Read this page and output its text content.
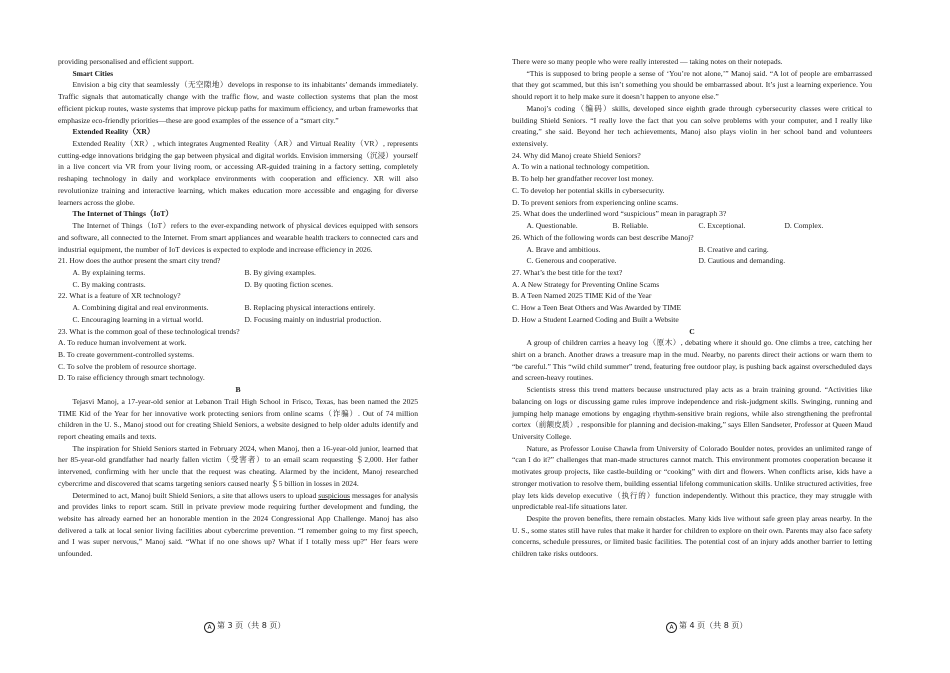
providing personalised and efficient support.

Smart Cities

Envision a big city that seamlessly（无空隙地）develops in response to its inhabitants’ demands immediately. Traffic signals that automatically change with the traffic flow, and waste collection systems that plan the most efficient pickup routes, waste systems that improve pickup paths for maximum efficiency, and urban frameworks that emphasize eco-friendly priorities—these are good examples of the essence of a “smart city.”

Extended Reality（XR）

Extended Reality（XR）, which integrates Augmented Reality（AR）and Virtual Reality（VR）, represents cutting-edge innovations bridging the gap between physical and digital worlds. Envision immersing（沉浸）yourself in a live concert via VR from your living room, or accessing AR-guided training in a factory setting, completely reshaping technology in daily and workplace environments with cooperation and efficiency. XR will also revolutionize training and interactive learning, which makes education more accessible and engaging for diverse learners across the globe.

The Internet of Things（IoT）

The Internet of Things（IoT）refers to the ever-expanding network of physical devices equipped with sensors and software, all connected to the Internet. From smart appliances and wearable health trackers to connected cars and industrial equipment, the number of IoT devices is expected to explode and increase efficiency in 2026.

21. How does the author present the smart city trend?

A. By explaining terms.	B. By giving examples.
C. By making contrasts.	D. By quoting fiction scenes.

22. What is a feature of XR technology?

A. Combining digital and real environments.	B. Replacing physical interactions entirely.
C. Encouraging learning in a virtual world.	D. Focusing mainly on industrial production.

23. What is the common goal of these technological trends?

A. To reduce human involvement at work.

B. To create government-controlled systems.

C. To solve the problem of resource shortage.

D. To raise efficiency through smart technology.

B

Tejasvi Manoj, a 17-year-old senior at Lebanon Trail High School in Frisco, Texas, has been named the 2025 TIME Kid of the Year for her innovative work protecting seniors from online scams（诈骗）. Out of 74 million children in the U. S., Manoj stood out for creating Shield Seniors, a website designed to help older adults identify and report cheating emails and texts.

The inspiration for Shield Seniors started in February 2024, when Manoj, then a 16-year-old junior, learned that her 85-year-old grandfather had nearly fallen victim（受害者）to an email scam requesting ＄2,000. Her father intervened, confirming with her uncle that the request was cheating. Alarmed by the incident, Manoj researched cybercrime and discovered that scams targeting seniors caused nearly ＄5 billion in losses in 2024.

Determined to act, Manoj built Shield Seniors, a site that allows users to upload suspicious messages for analysis and provides links to report scam. Still in private preview mode requiring further development and funding, the website has already earned her an honorable mention in the 2024 Congressional App Challenge. Manoj has also delivered a talk at local senior living facilities about cybercrime prevention. “I remember going to my first speech, and I was super nervous,” Manoj said. “What if no one shows up? What if I totally mess up?” Her fears were unfounded.

There were so many people who were really interested — taking notes on their notepads.

“This is supposed to bring people a sense of ‘You’re not alone,’” Manoj said. “A lot of people are embarrassed that they got scammed, but this isn’t something you should be embarrassed about. It’s just a learning experience. You should report it to help make sure it doesn’t happen to anyone else.”

Manoj’s coding（编码）skills, developed since eighth grade through cybersecurity classes were critical to building Shield Seniors. “I really love the fact that you can solve problems with your computer, and I really like creating,” she said. Beyond her tech achievements, Manoj also plays violin in her school band and volunteers extensively.

24. Why did Manoj create Shield Seniors?

A. To win a national technology competition.

B. To help her grandfather recover lost money.

C. To develop her potential skills in cybersecurity.

D. To prevent seniors from experiencing online scams.

25. What does the underlined word “suspicious” mean in paragraph 3?

A. Questionable.	B. Reliable.	C. Exceptional.	D. Complex.

26. Which of the following words can best describe Manoj?

A. Brave and ambitious.	B. Creative and caring.
C. Generous and cooperative.	D. Cautious and demanding.

27. What’s the best title for the text?

A. A New Strategy for Preventing Online Scams

B. A Teen Named 2025 TIME Kid of the Year

C. How a Teen Beat Others and Was Awarded by TIME

D. How a Student Learned Coding and Built a Website

C

A group of children carries a heavy log（原木）, debating where it should go. One climbs a tree, catching her shirt on a branch. Another draws a treasure map in the mud. Nearby, no parents direct their actions or warn them to “be careful.” This “wild child summer” trend, featuring free outdoor play, is pushing back against overscheduled days and screen-heavy routines.

Scientists stress this trend matters because unstructured play acts as a brain training ground. “Activities like balancing on logs or discussing game rules improve independence and risk-judgment skills. Swinging, running and jumping help manage emotions by engaging rhythm-sensitive brain regions, while also strengthening the prefrontal cortex（前额皮质）, responsible for planning and decision-making,” says Ellen Sandseter, Professor at Queen Maud University College.

Nature, as Professor Louise Chawla from University of Colorado Boulder notes, provides an unlimited range of “can I do it?” challenges that man-made structures cannot match. This environment promotes cooperation because it motivates group projects, like castle-building or “cooking” with dirt and flowers. When conflicts arise, kids have a stronger motivation to resolve them, building essential lifelong communication skills. Unlike structured activities, free play lets kids develop executive（执行的）function independently. Without this practice, they may struggle with unpredictable real-life situations later.

Despite the proven benefits, there remain obstacles. Many kids live without safe green play areas nearby. In the U. S., some states still have rules that make it harder for children to explore on their own. Parents may also face safety concerns, schedule pressures, or limited basic facilities. The potential cost of an injury adds another barrier to letting children take risks outdoors.

A 第 3 页（共 8 页）	A 第 4 页（共 8 页）
